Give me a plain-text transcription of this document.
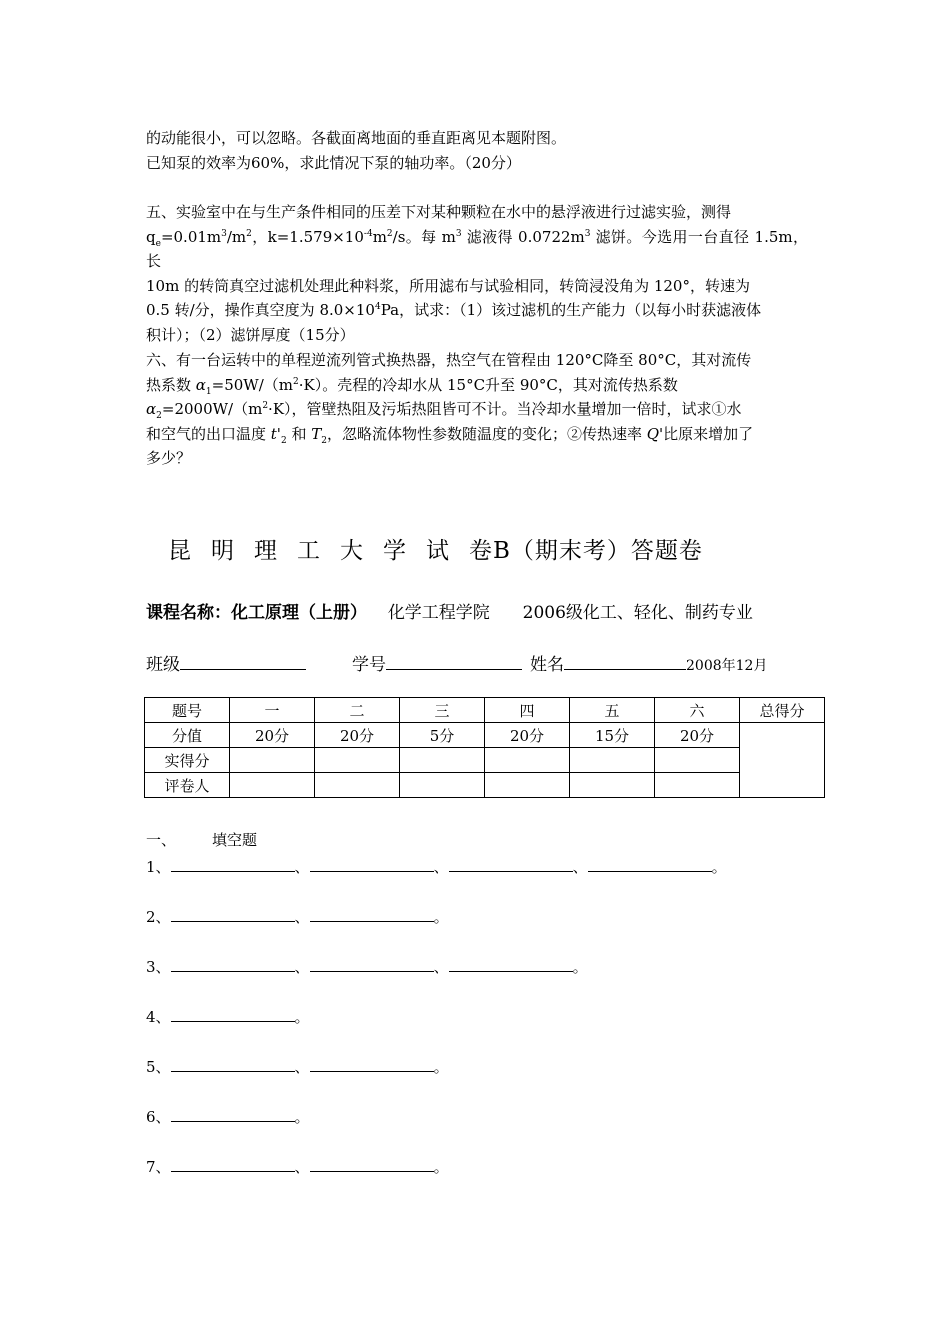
的动能很小，可以忽略。各截面离地面的垂直距离见本题附图。

已知泵的效率为60%，求此情况下泵的轴功率。（20分）

五、实验室中在与生产条件相同的压差下对某种颗粒在水中的悬浮液进行过滤实验，测得

$q_e=0.01m^3/m^2$，$k=1.579\times 10^{-4}m^2/s$。每 $m^3$ 滤液得 $0.0722m^3$ 滤饼。今选用一台直径 1.5m，长

10m 的转筒真空过滤机处理此种料浆，所用滤布与试验相同，转筒浸没角为 120°，转速为

0.5 转/分，操作真空度为 $8.0\times 10^4Pa$，试求：（1）该过滤机的生产能力（以每小时获滤液体

积计）；（2）滤饼厚度（15分）

六、有一台运转中的单程逆流列管式换热器，热空气在管程由 120°C降至 80°C，其对流传

热系数 $\alpha_1=50W/(m^2\cdot K)$。壳程的冷却水从 15°C升至 90°C，其对流传热系数

$\alpha_2=2000W/(m^2\cdot K)$，管壁热阻及污垢热阻皆可不计。当冷却水量增加一倍时，试求①水

和空气的出口温度 $t'_2$ 和 $T_2$，忽略流体物性参数随温度的变化；②传热速率 Q'比原来增加了

多少？

昆明理工大学试卷B（期末考）答题卷
课程名称：化工原理（上册） 化学工程学院 2006级化工、轻化、制药专业
班级	学号	姓名	2008年12月
题号	一	二	三	四	五	六	总得分
分值	20分	20分	5分	20分	15分	20分	
实得分							
评卷人							
一、 填空题
1、	、	、	、	。
2、	、	。
3、	、	、	。
4、	。
5、	、	。
6、	。
7、	、	。
